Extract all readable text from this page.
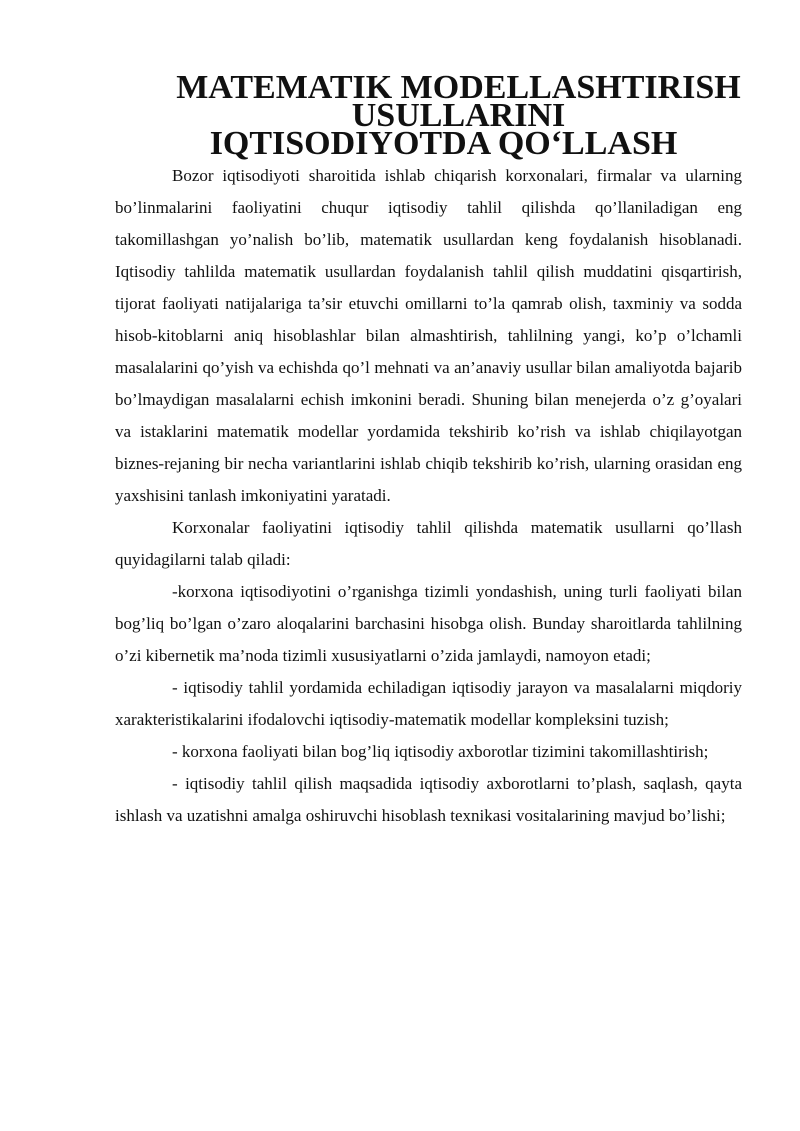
MATEMATIK MODELLASHTIRISH USULLARINI
IQTISODIYOTDA QO‘LLASH

Bozor iqtisodiyoti sharoitida ishlab chiqarish korxonalari, firmalar va ularning bo’linmalarini faoliyatini chuqur iqtisodiy tahlil qilishda qo’llaniladigan eng takomillashgan yo’nalish bo’lib, matematik usullardan keng foydalanish hisoblanadi. Iqtisodiy tahlilda matematik usullardan foydalanish tahlil qilish muddatini qisqartirish, tijorat faoliyati natijalariga ta’sir etuvchi omillarni to’la qamrab olish, taxminiy va sodda hisob-kitoblarni aniq hisoblashlar bilan almashtirish, tahlilning yangi, ko’p o’lchamli masalalarini qo’yish va echishda qo’l mehnati va an’anaviy usullar bilan amaliyotda bajarib bo’lmaydigan masalalarni echish imkonini beradi. Shuning bilan menejerda o’z g’oyalari va istaklarini matematik modellar yordamida tekshirib ko’rish va ishlab chiqilayotgan biznes-rejaning bir necha variantlarini ishlab chiqib tekshirib ko’rish, ularning orasidan eng yaxshisini tanlash imkoniyatini yaratadi.

Korxonalar faoliyatini iqtisodiy tahlil qilishda matematik usullarni qo’llash quyidagilarni talab qiladi:

-korxona iqtisodiyotini o’rganishga tizimli yondashish, uning turli faoliyati bilan bog’liq bo’lgan o’zaro aloqalarini barchasini hisobga olish. Bunday sharoitlarda tahlilning o’zi kibernetik ma’noda tizimli xususiyatlarni o’zida jamlaydi, namoyon etadi;

- iqtisodiy tahlil yordamida echiladigan iqtisodiy jarayon va masalalarni miqdoriy xarakteristikalarini ifodalovchi iqtisodiy-matematik modellar kompleksini tuzish;

- korxona faoliyati bilan bog’liq iqtisodiy axborotlar tizimini takomillashtirish;

- iqtisodiy tahlil qilish maqsadida iqtisodiy axborotlarni to’plash, saqlash, qayta ishlash va uzatishni amalga oshiruvchi hisoblash texnikasi vositalarining mavjud bo’lishi;
